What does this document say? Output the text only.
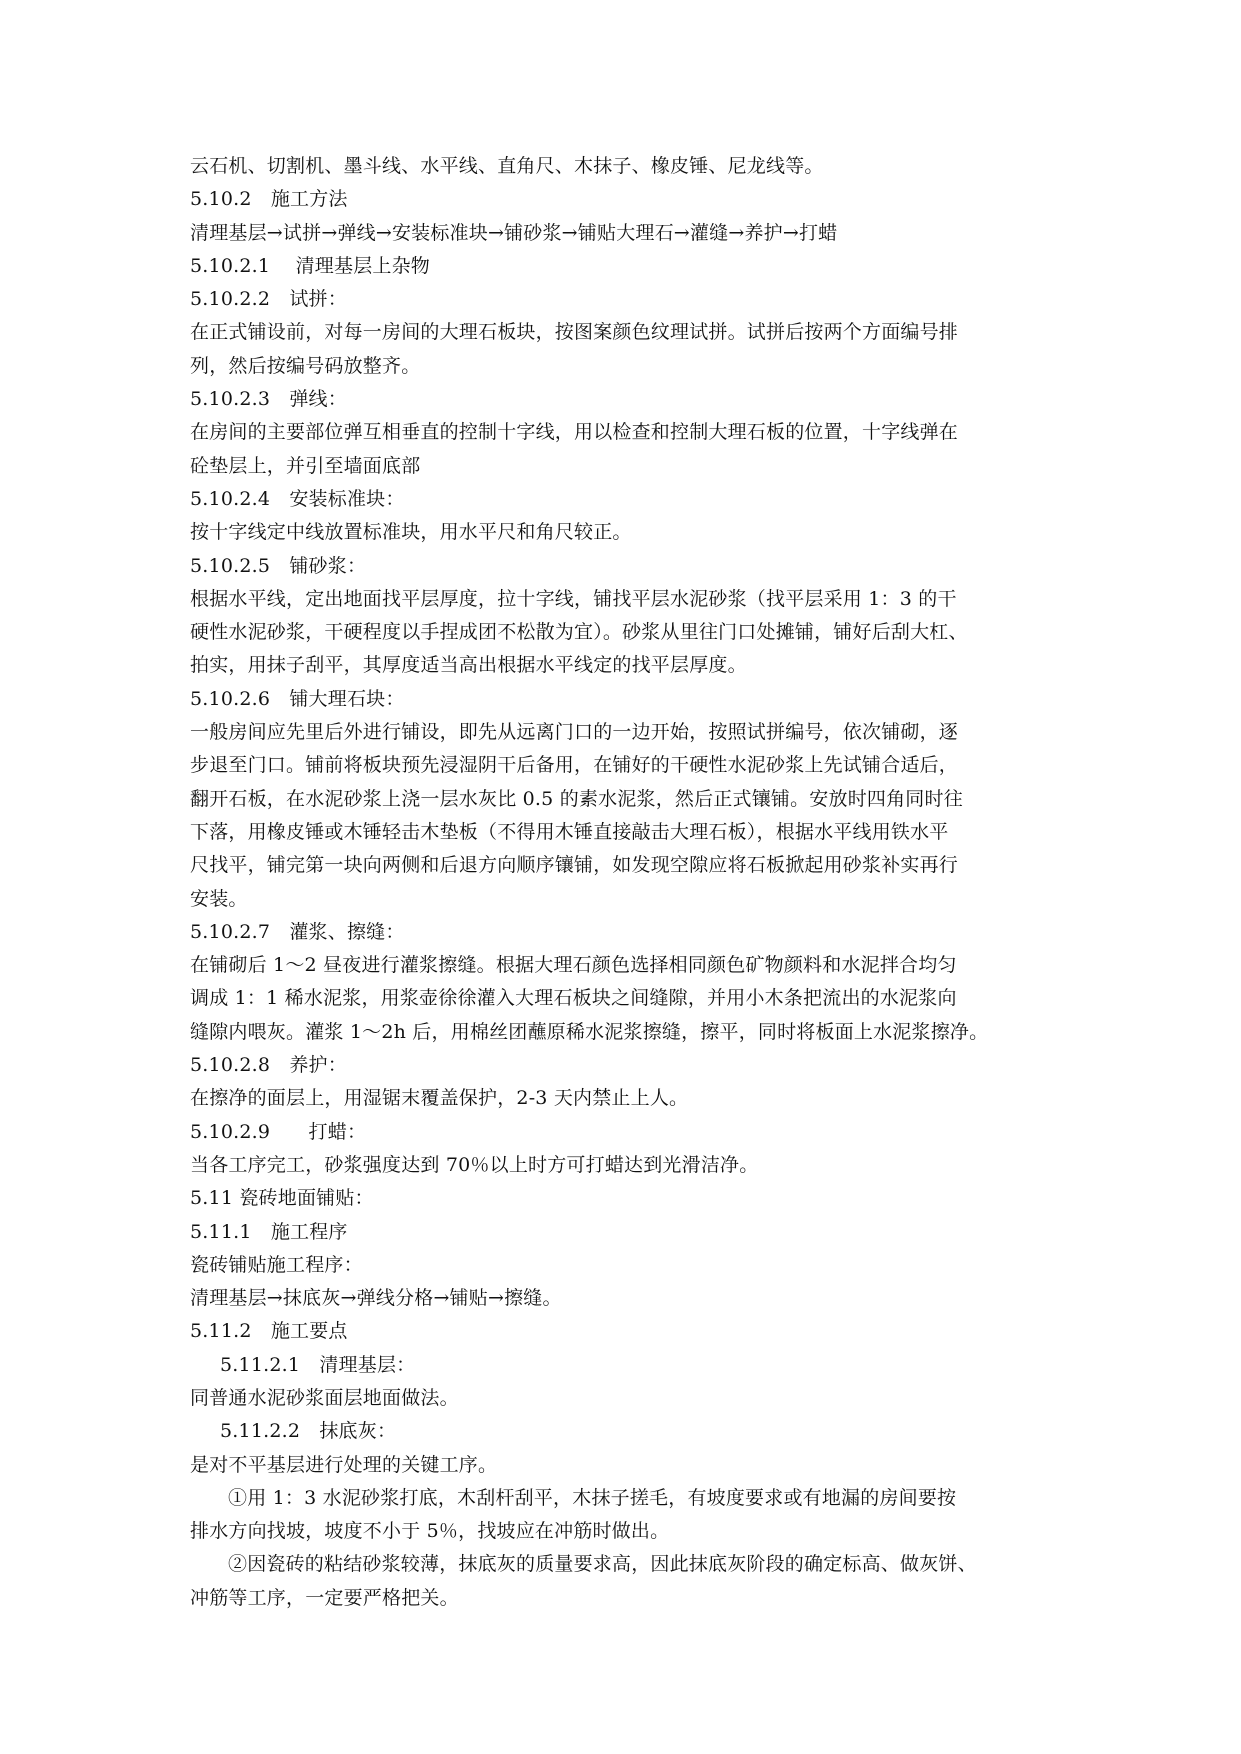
云石机、切割机、墨斗线、水平线、直角尺、木抹子、橡皮锤、尼龙线等。
5.10.2　施工方法
清理基层→试拼→弹线→安装标准块→铺砂浆→铺贴大理石→灌缝→养护→打蜡
5.10.2.1　 清理基层上杂物
5.10.2.2　试拼：
在正式铺设前，对每一房间的大理石板块，按图案颜色纹理试拼。试拼后按两个方面编号排
列，然后按编号码放整齐。
5.10.2.3　弹线：
在房间的主要部位弹互相垂直的控制十字线，用以检查和控制大理石板的位置，十字线弹在
砼垫层上，并引至墙面底部
5.10.2.4　安装标准块：
按十字线定中线放置标准块，用水平尺和角尺较正。
5.10.2.5　铺砂浆：
根据水平线，定出地面找平层厚度，拉十字线，铺找平层水泥砂浆（找平层采用 1：3 的干
硬性水泥砂浆，干硬程度以手捏成团不松散为宜）。砂浆从里往门口处摊铺，铺好后刮大杠、
拍实，用抹子刮平，其厚度适当高出根据水平线定的找平层厚度。
5.10.2.6　铺大理石块：
一般房间应先里后外进行铺设，即先从远离门口的一边开始，按照试拼编号，依次铺砌，逐
步退至门口。铺前将板块预先浸湿阴干后备用，在铺好的干硬性水泥砂浆上先试铺合适后，
翻开石板，在水泥砂浆上浇一层水灰比 0.5 的素水泥浆，然后正式镶铺。安放时四角同时往
下落，用橡皮锤或木锤轻击木垫板（不得用木锤直接敲击大理石板），根据水平线用铁水平
尺找平，铺完第一块向两侧和后退方向顺序镶铺，如发现空隙应将石板掀起用砂浆补实再行
安装。
5.10.2.7　灌浆、擦缝：
在铺砌后 1～2 昼夜进行灌浆擦缝。根据大理石颜色选择相同颜色矿物颜料和水泥拌合均匀
调成 1：1 稀水泥浆，用浆壶徐徐灌入大理石板块之间缝隙，并用小木条把流出的水泥浆向
缝隙内喂灰。灌浆 1～2h 后，用棉丝团蘸原稀水泥浆擦缝，擦平，同时将板面上水泥浆擦净。
5.10.2.8　养护：
在擦净的面层上，用湿锯末覆盖保护，2-3 天内禁止上人。
5.10.2.9　　打蜡：
当各工序完工，砂浆强度达到 70％以上时方可打蜡达到光滑洁净。
5.11 瓷砖地面铺贴：
5.11.1　施工程序
瓷砖铺贴施工程序：
清理基层→抹底灰→弹线分格→铺贴→擦缝。
5.11.2　施工要点
5.11.2.1　清理基层：
同普通水泥砂浆面层地面做法。
5.11.2.2　抹底灰：
是对不平基层进行处理的关键工序。
①用 1：3 水泥砂浆打底，木刮杆刮平，木抹子搓毛，有坡度要求或有地漏的房间要按
排水方向找坡，坡度不小于 5％，找坡应在冲筋时做出。
②因瓷砖的粘结砂浆较薄，抹底灰的质量要求高，因此抹底灰阶段的确定标高、做灰饼、
冲筋等工序，一定要严格把关。
